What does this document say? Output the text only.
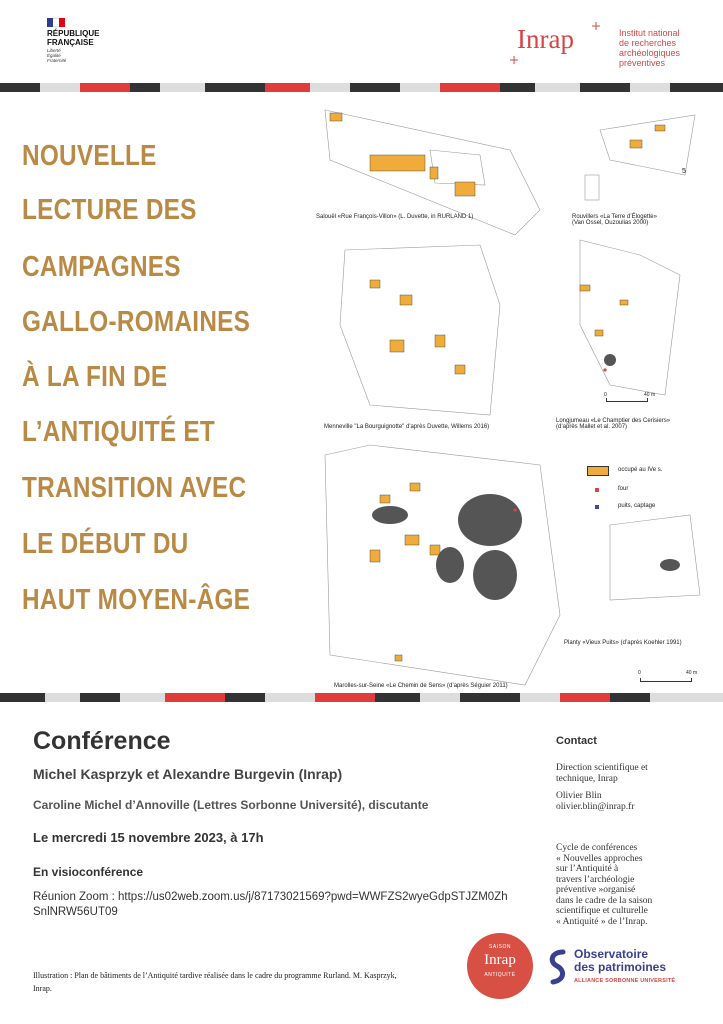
RÉPUBLIQUE
FRANÇAISE
Liberté
Égalité
Fraternité
Inrap	Institut national
de recherches
archéologiques
préventives
NOUVELLE
LECTURE DES
CAMPAGNES
GALLO-ROMAINES
À LA FIN DE
L’ANTIQUITÉ ET
TRANSITION AVEC
LE DÉBUT DU
HAUT MOYEN-ÂGE
Salouël «Rue François-Villon» (L. Duvette, in RURLAND 1)	Rouvillers «La Terre d’Élogette»
(Van Ossel, Ouzoulias 2000)
5
Menneville "La Bourguignotte" d'après Duvette, Willems 2016)
Longjumeau «Le Champtier des Cerisiers»
(d’après Mallet et al. 2007)
0	40 m
0	40 m
occupé au IVe s.
four
puits, captage
Planty «Vieux Puits» (d’après Koehler 1991)
Marolles-sur-Seine «Le Chemin de Sens» (d’après Séguier 2011)
Conférence
Michel Kasprzyk et Alexandre Burgevin (Inrap)
Caroline Michel d’Annoville (Lettres Sorbonne Université), discutante
Le mercredi 15 novembre 2023, à 17h
En visioconférence
Réunion Zoom : https://us02web.zoom.us/j/87173021569?pwd=WWFZS2wyeGdpSTJZM0ZhSnlNRW56UT09
Illustration : Plan de bâtiments de l’Antiquité tardive réalisée dans le cadre du programme Rurland. M. Kasprzyk, Inrap.
Contact
Direction scientifique et
technique, Inrap
Olivier Blin
olivier.blin@inrap.fr
Cycle de conférences
« Nouvelles approches
sur l’Antiquité à
travers l’archéologie
préventive »organisé
dans le cadre de la saison
scientifique et culturelle
« Antiquité » de l’Inrap.
SAISON
Inrap
ANTIQUITÉ
Observatoire
des patrimoines
ALLIANCE SORBONNE UNIVERSITÉ
